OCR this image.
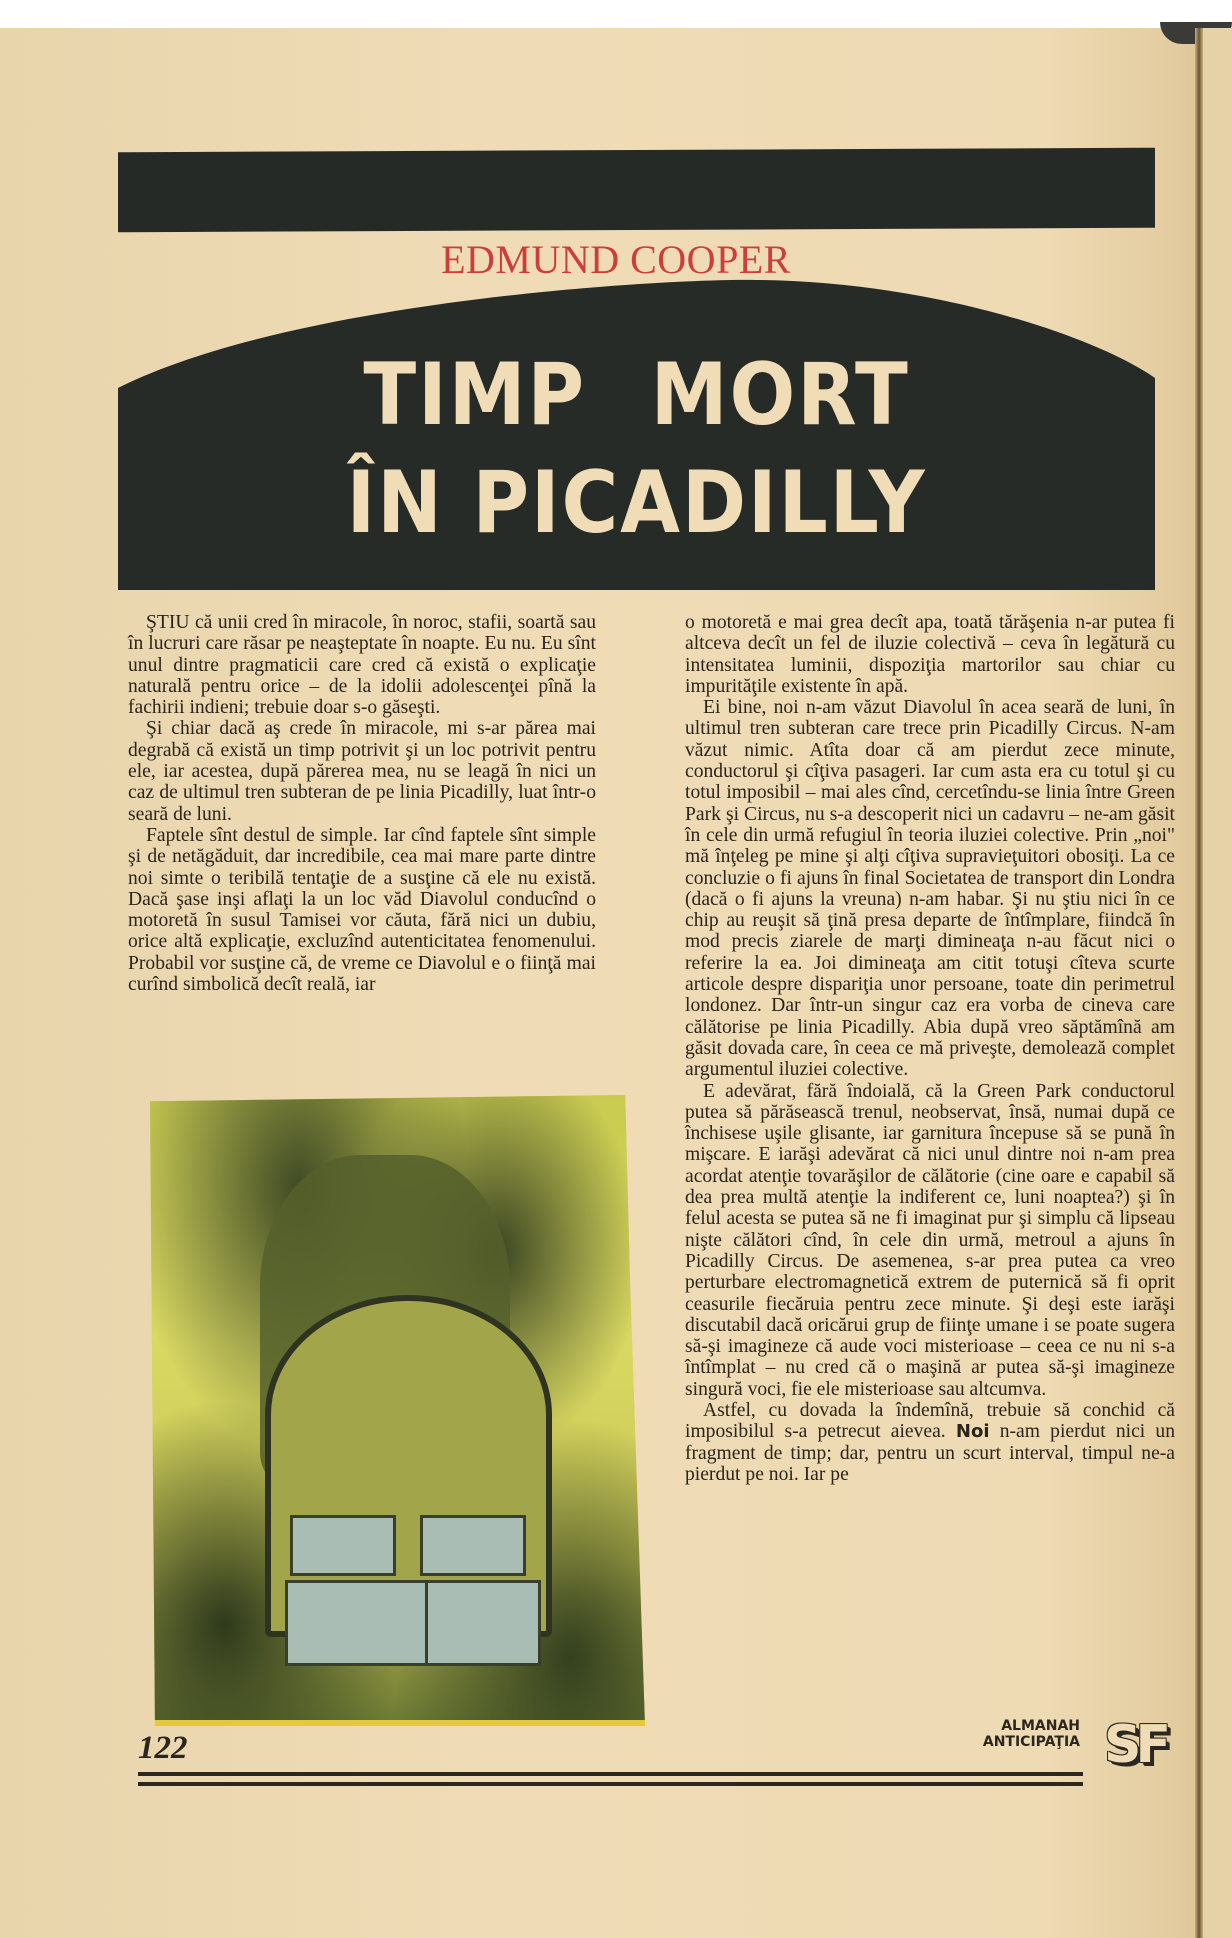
EDMUND COOPER
TIMP MORT
ÎN PICADILLY

ŞTIU că unii cred în miracole, în noroc, stafii, soartă sau în lucruri care răsar pe neaşteptate în noapte. Eu nu. Eu sînt unul dintre pragmaticii care cred că există o explicaţie naturală pentru orice – de la idolii adolescenţei pînă la fachirii indieni; trebuie doar s-o găseşti.

Şi chiar dacă aş crede în miracole, mi s-ar părea mai degrabă că există un timp potrivit şi un loc potrivit pentru ele, iar acestea, după părerea mea, nu se leagă în nici un caz de ultimul tren subteran de pe linia Picadilly, luat într-o seară de luni.

Faptele sînt destul de simple. Iar cînd faptele sînt simple şi de netăgăduit, dar incredibile, cea mai mare parte dintre noi simte o teribilă tentaţie de a susţine că ele nu există. Dacă şase inşi aflaţi la un loc văd Diavolul conducînd o motoretă în susul Tamisei vor căuta, fără nici un dubiu, orice altă explicaţie, excluzînd autenticitatea fenomenului. Probabil vor susţine că, de vreme ce Diavolul e o fiinţă mai curînd simbolică decît reală, iar

o motoretă e mai grea decît apa, toată tărăşenia n-ar putea fi altceva decît un fel de iluzie colectivă – ceva în legătură cu intensitatea luminii, dispoziţia martorilor sau chiar cu impurităţile existente în apă.

Ei bine, noi n-am văzut Diavolul în acea seară de luni, în ultimul tren subteran care trece prin Picadilly Circus. N-am văzut nimic. Atîta doar că am pierdut zece minute, conductorul şi cîţiva pasageri. Iar cum asta era cu totul şi cu totul imposibil – mai ales cînd, cercetîndu-se linia între Green Park şi Circus, nu s-a descoperit nici un cadavru – ne-am găsit în cele din urmă refugiul în teoria iluziei colective. Prin „noi" mă înţeleg pe mine şi alţi cîţiva supravieţuitori obosiţi. La ce concluzie o fi ajuns în final Societatea de transport din Londra (dacă o fi ajuns la vreuna) n-am habar. Şi nu ştiu nici în ce chip au reuşit să ţină presa departe de întîmplare, fiindcă în mod precis ziarele de marţi dimineaţa n-au făcut nici o referire la ea. Joi dimineaţa am citit totuşi cîteva scurte articole despre dispariţia unor persoane, toate din perimetrul londonez. Dar într-un singur caz era vorba de cineva care călătorise pe linia Picadilly. Abia după vreo săptămînă am găsit dovada care, în ceea ce mă priveşte, demolează complet argumentul iluziei colective.

E adevărat, fără îndoială, că la Green Park conductorul putea să părăsească trenul, neobservat, însă, numai după ce închisese uşile glisante, iar garnitura începuse să se pună în mişcare. E iarăşi adevărat că nici unul dintre noi n-am prea acordat atenţie tovarăşilor de călătorie (cine oare e capabil să dea prea multă atenţie la indiferent ce, luni noaptea?) şi în felul acesta se putea să ne fi imaginat pur şi simplu că lipseau nişte călători cînd, în cele din urmă, metroul a ajuns în Picadilly Circus. De asemenea, s-ar prea putea ca vreo perturbare electromagnetică extrem de puternică să fi oprit ceasurile fiecăruia pentru zece minute. Şi deşi este iarăşi discutabil dacă oricărui grup de fiinţe umane i se poate sugera să-şi imagineze că aude voci misterioase – ceea ce nu ni s-a întîmplat – nu cred că o maşină ar putea să-şi imagineze singură voci, fie ele misterioase sau altcumva.

Astfel, cu dovada la îndemînă, trebuie să conchid că imposibilul s-a petrecut aievea. Noi n-am pierdut nici un fragment de timp; dar, pentru un scurt interval, timpul ne-a pierdut pe noi. Iar pe

122
ALMANAH
ANTICIPAŢIA SF
